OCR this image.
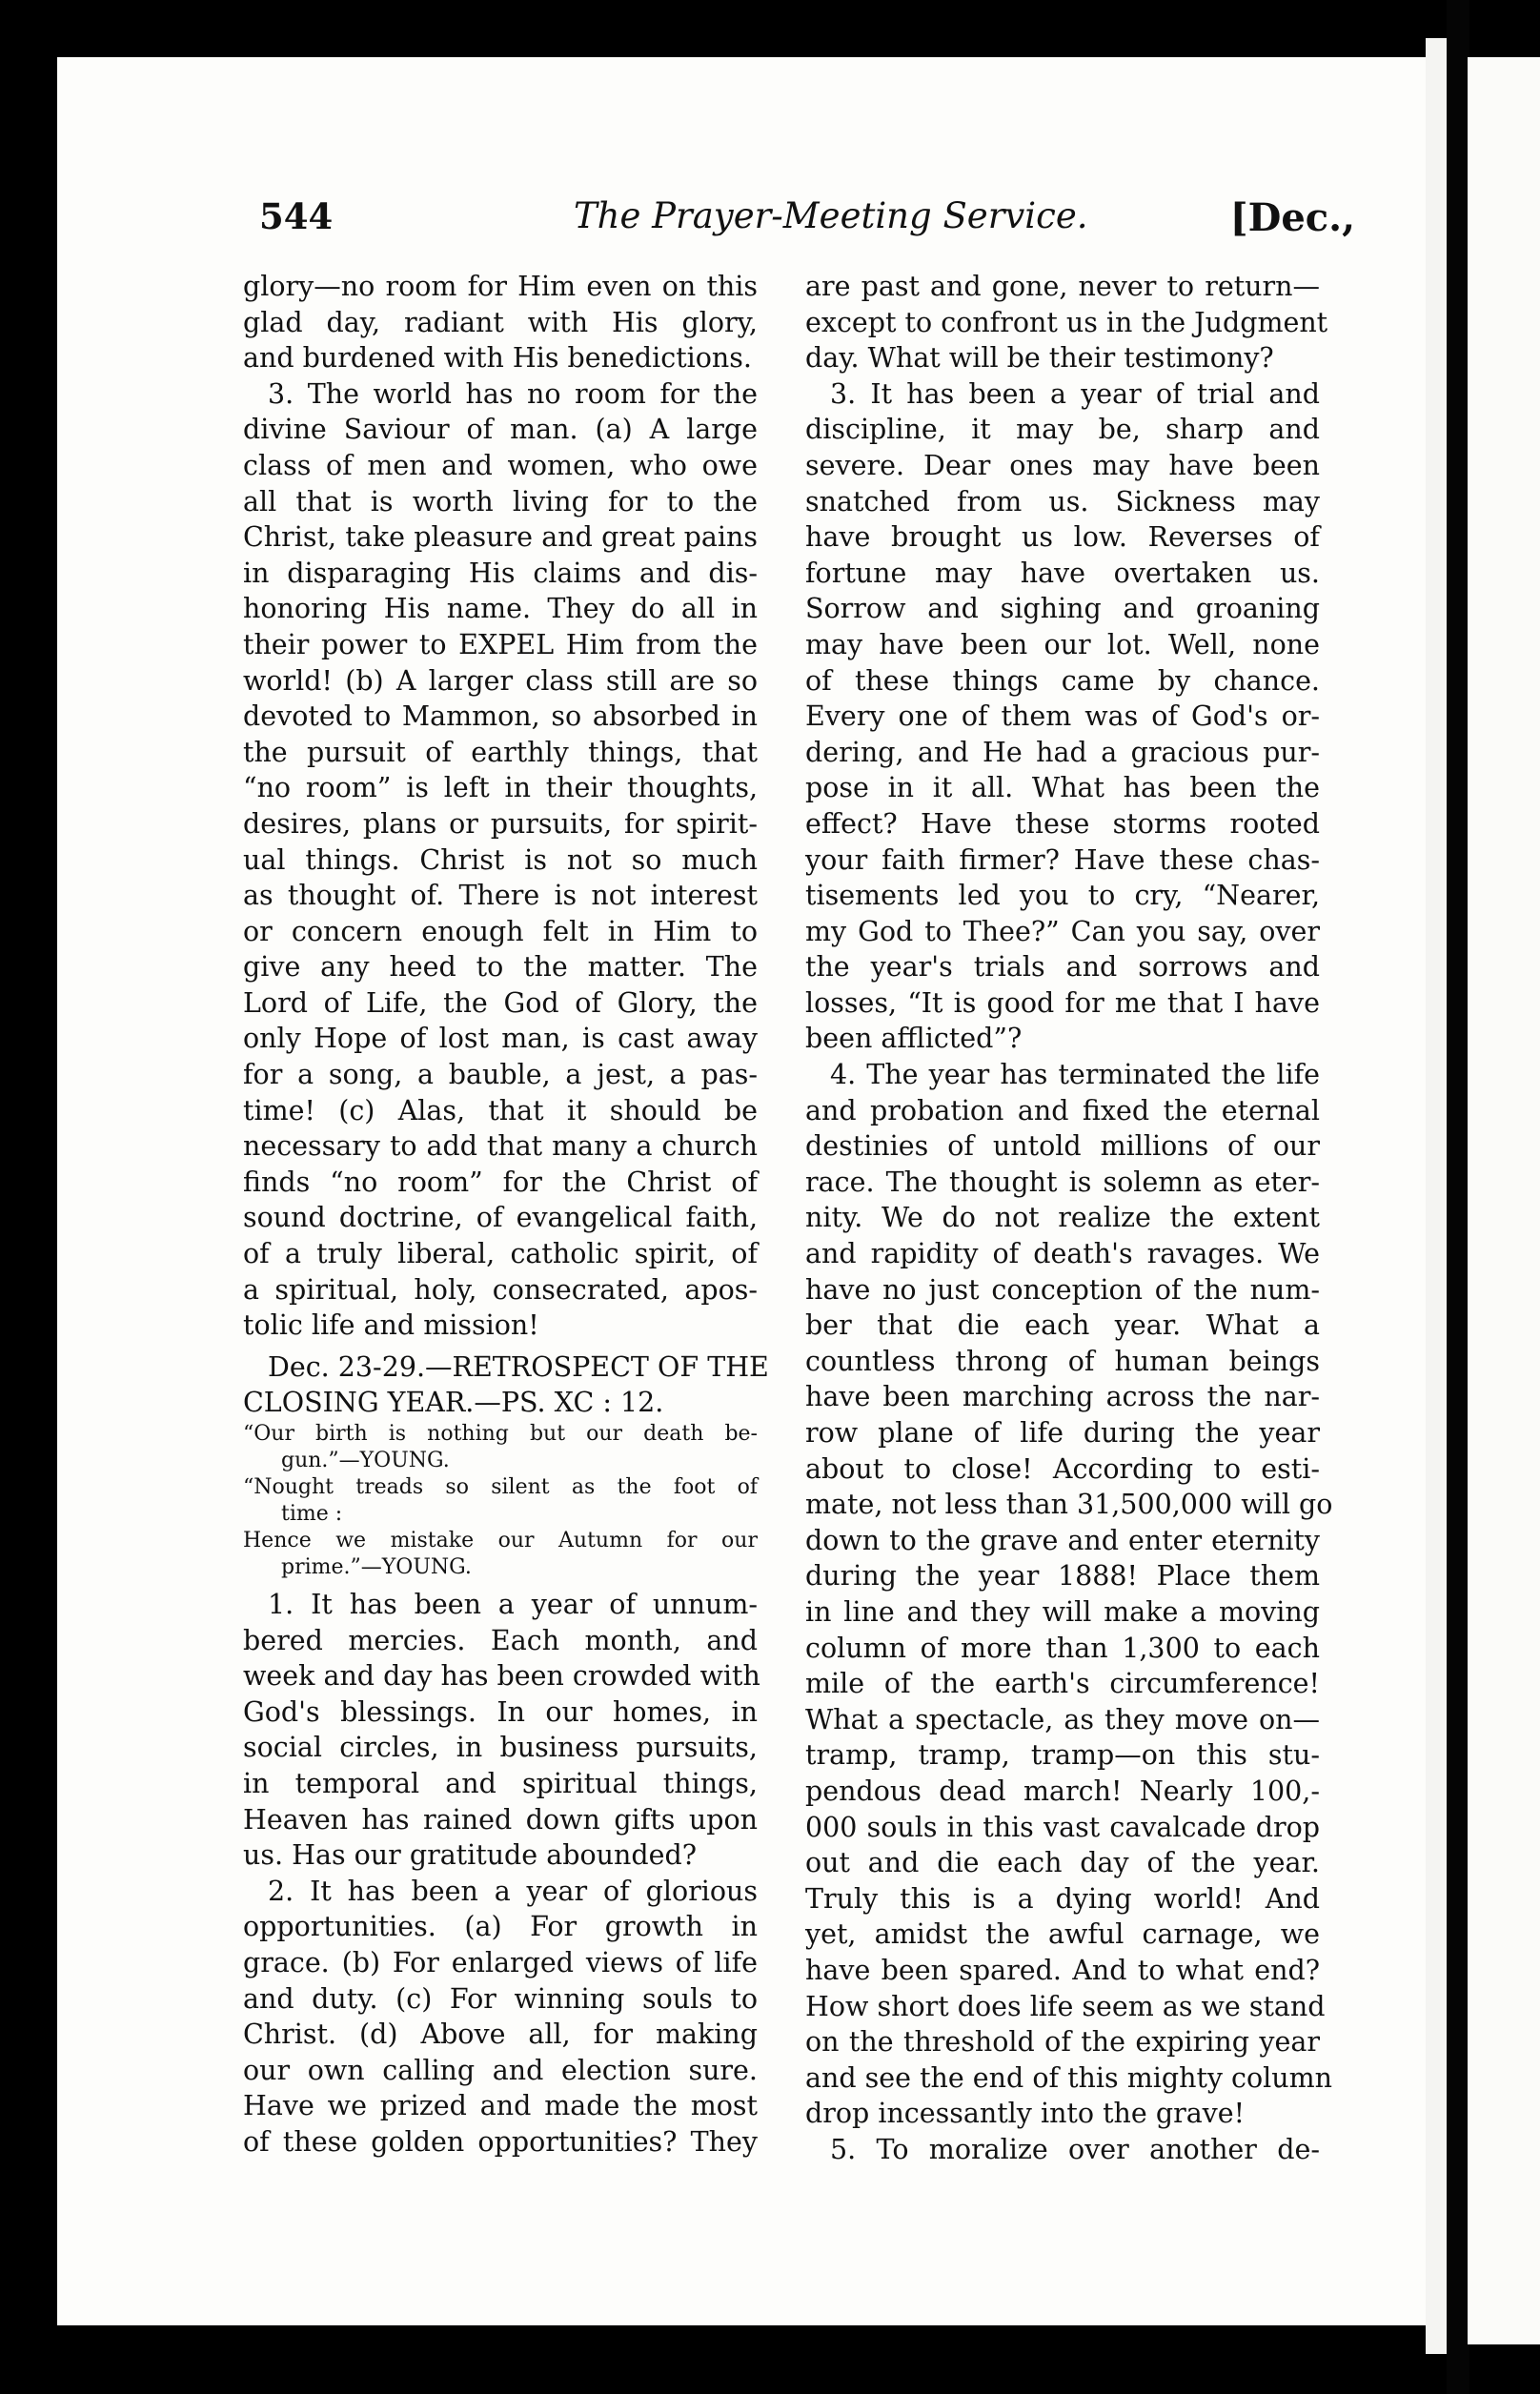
544	The Prayer-Meeting Service.	[Dec.,
glory—no room for Him even on this
glad day, radiant with His glory,
and burdened with His benedictions.
3. The world has no room for the
divine Saviour of man. (a) A large
class of men and women, who owe
all that is worth living for to the
Christ, take pleasure and great pains
in disparaging His claims and dis-
honoring His name. They do all in
their power to EXPEL Him from the
world! (b) A larger class still are so
devoted to Mammon, so absorbed in
the pursuit of earthly things, that
“no room” is left in their thoughts,
desires, plans or pursuits, for spirit-
ual things. Christ is not so much
as thought of. There is not interest
or concern enough felt in Him to
give any heed to the matter. The
Lord of Life, the God of Glory, the
only Hope of lost man, is cast away
for a song, a bauble, a jest, a pas-
time! (c) Alas, that it should be
necessary to add that many a church
finds “no room” for the Christ of
sound doctrine, of evangelical faith,
of a truly liberal, catholic spirit, of
a spiritual, holy, consecrated, apos-
tolic life and mission!
Dec. 23-29.—RETROSPECT OF THE
CLOSING YEAR.—PS. XC : 12.
“Our birth is nothing but our death be-
gun.”—YOUNG.
“Nought treads so silent as the foot of
time :
Hence we mistake our Autumn for our
prime.”—YOUNG.
1. It has been a year of unnum-
bered mercies. Each month, and
week and day has been crowded with
God's blessings. In our homes, in
social circles, in business pursuits,
in temporal and spiritual things,
Heaven has rained down gifts upon
us. Has our gratitude abounded?
2. It has been a year of glorious
opportunities. (a) For growth in
grace. (b) For enlarged views of life
and duty. (c) For winning souls to
Christ. (d) Above all, for making
our own calling and election sure.
Have we prized and made the most
of these golden opportunities? They
are past and gone, never to return—
except to confront us in the Judgment
day. What will be their testimony?
3. It has been a year of trial and
discipline, it may be, sharp and
severe. Dear ones may have been
snatched from us. Sickness may
have brought us low. Reverses of
fortune may have overtaken us.
Sorrow and sighing and groaning
may have been our lot. Well, none
of these things came by chance.
Every one of them was of God's or-
dering, and He had a gracious pur-
pose in it all. What has been the
effect? Have these storms rooted
your faith firmer? Have these chas-
tisements led you to cry, “Nearer,
my God to Thee?” Can you say, over
the year's trials and sorrows and
losses, “It is good for me that I have
been afflicted”?
4. The year has terminated the life
and probation and fixed the eternal
destinies of untold millions of our
race. The thought is solemn as eter-
nity. We do not realize the extent
and rapidity of death's ravages. We
have no just conception of the num-
ber that die each year. What a
countless throng of human beings
have been marching across the nar-
row plane of life during the year
about to close! According to esti-
mate, not less than 31,500,000 will go
down to the grave and enter eternity
during the year 1888! Place them
in line and they will make a moving
column of more than 1,300 to each
mile of the earth's circumference!
What a spectacle, as they move on—
tramp, tramp, tramp—on this stu-
pendous dead march! Nearly 100,-
000 souls in this vast cavalcade drop
out and die each day of the year.
Truly this is a dying world! And
yet, amidst the awful carnage, we
have been spared. And to what end?
How short does life seem as we stand
on the threshold of the expiring year
and see the end of this mighty column
drop incessantly into the grave!
5. To moralize over another de-
